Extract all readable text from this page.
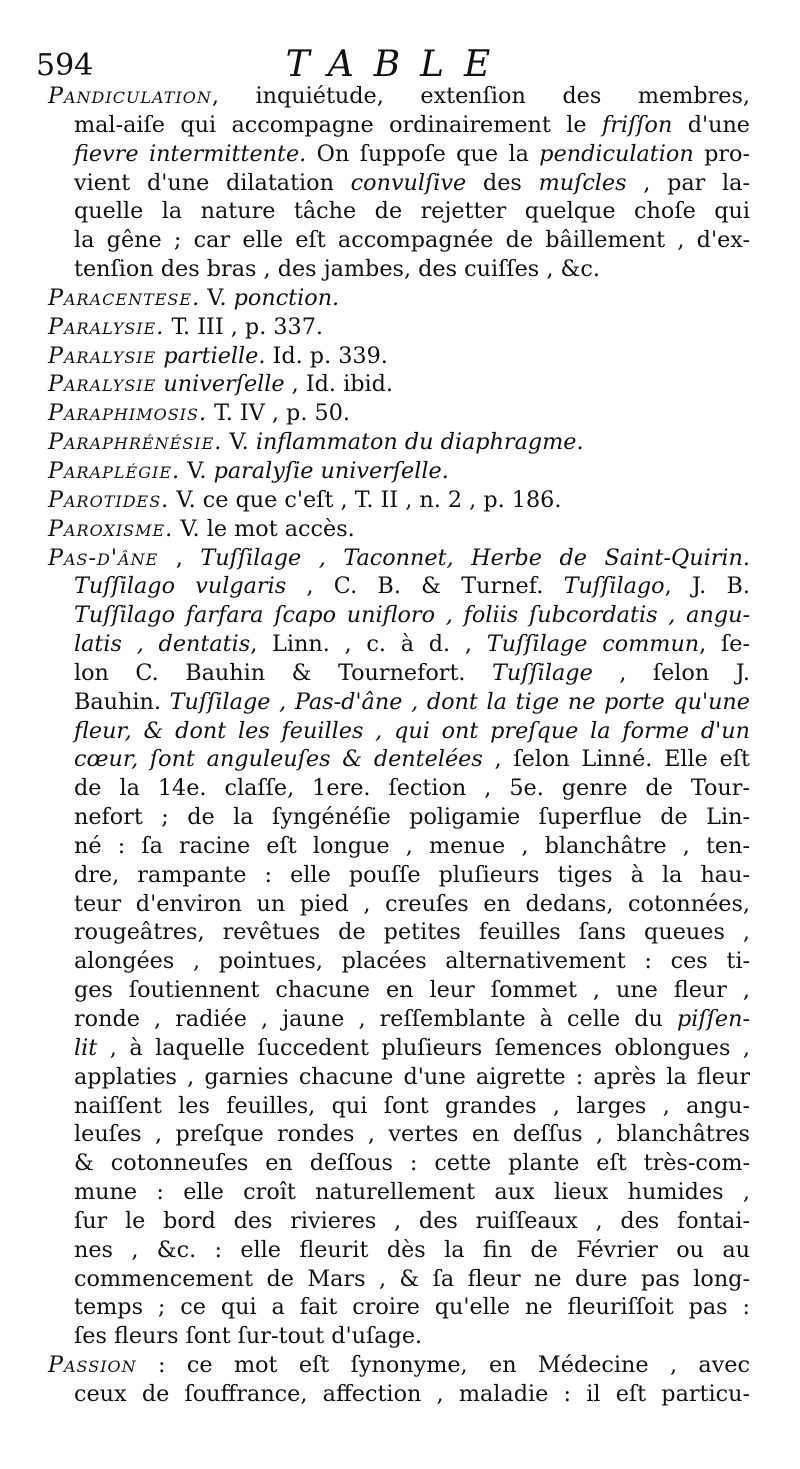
594	TABLE
Pandiculation, inquiétude, extenſion des membres,
mal-aiſe qui accompagne ordinairement le friſſon d'une
fievre intermittente. On ſuppoſe que la pendiculation pro-
vient d'une dilatation convulſive des muſcles , par la-
quelle la nature tâche de rejetter quelque choſe qui
la gêne ; car elle eſt accompagnée de bâillement , d'ex-
tenſion des bras , des jambes, des cuiſſes , &c.
Paracentese. V. ponction.
Paralysie. T. III , p. 337.
Paralysie partielle. Id. p. 339.
Paralysie univerſelle , Id. ibid.
Paraphimosis. T. IV , p. 50.
Paraphrénésie. V. inflammaton du diaphragme.
Paraplégie. V. paralyſie univerſelle.
Parotides. V. ce que c'eſt , T. II , n. 2 , p. 186.
Paroxisme. V. le mot accès.
Pas-d'âne , Tuſſilage , Taconnet, Herbe de Saint-Quirin.
Tuſſilago vulgaris , C. B. & Turnef. Tuſſilago, J. B.
Tuſſilago farfara ſcapo unifloro , foliis ſubcordatis , angu-
latis , dentatis, Linn. , c. à d. , Tuſſilage commun, ſe-
lon C. Bauhin & Tournefort. Tuſſilage , ſelon J.
Bauhin. Tuſſilage , Pas-d'âne , dont la tige ne porte qu'une
fleur, & dont les feuilles , qui ont preſque la forme d'un
cœur, ſont anguleuſes & dentelées , ſelon Linné. Elle eſt
de la 14e. claſſe, 1ere. ſection , 5e. genre de Tour-
nefort ; de la ſyngénéſie poligamie ſuperflue de Lin-
né : ſa racine eſt longue , menue , blanchâtre , ten-
dre, rampante : elle pouſſe pluſieurs tiges à la hau-
teur d'environ un pied , creuſes en dedans, cotonnées,
rougeâtres, revêtues de petites feuilles ſans queues ,
alongées , pointues, placées alternativement : ces ti-
ges ſoutiennent chacune en leur ſommet , une fleur ,
ronde , radiée , jaune , reſſemblante à celle du piſſen-
lit , à laquelle ſuccedent pluſieurs ſemences oblongues ,
applaties , garnies chacune d'une aigrette : après la fleur
naiſſent les feuilles, qui ſont grandes , larges , angu-
leuſes , preſque rondes , vertes en deſſus , blanchâtres
& cotonneuſes en deſſous : cette plante eſt très-com-
mune : elle croît naturellement aux lieux humides ,
ſur le bord des rivieres , des ruiſſeaux , des fontai-
nes , &c. : elle fleurit dès la fin de Février ou au
commencement de Mars , & ſa fleur ne dure pas long-
temps ; ce qui a fait croire qu'elle ne fleuriſſoit pas :
ſes fleurs ſont ſur-tout d'uſage.
Passion : ce mot eſt ſynonyme, en Médecine , avec
ceux de ſouffrance, affection , maladie : il eſt particu-
